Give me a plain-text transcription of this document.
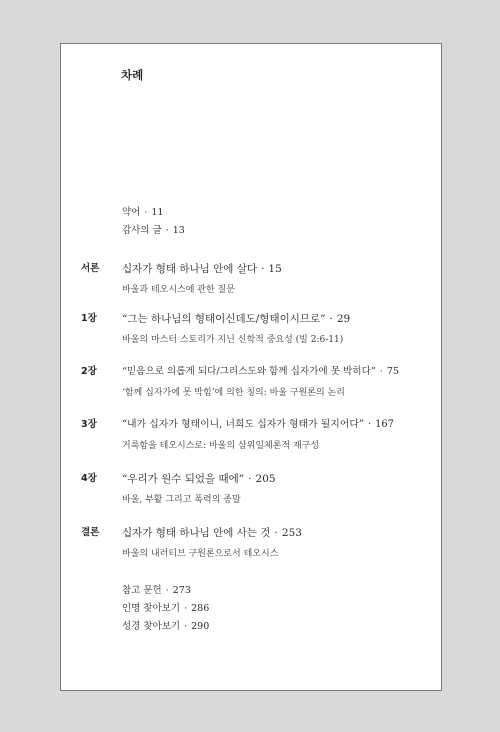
차례
약어 · 11
감사의 글 · 13
서론	십자가 형태 하나님 안에 살다 · 15
바울과 테오시스에 관한 질문
1장	“그는 하나님의 형태이신데도/형태이시므로” · 29
바울의 마스터 스토리가 지닌 신학적 중요성 (빌 2:6-11)
2장	“믿음으로 의롭게 되다/그리스도와 함께 십자가에 못 박히다” · 75
‘함께 십자가에 못 박힘’에 의한 칭의: 바울 구원론의 논리
3장	“내가 십자가 형태이니, 너희도 십자가 형태가 될지어다” · 167
거룩함을 테오시스로: 바울의 삼위일체론적 재구성
4장	“우리가 원수 되었을 때에” · 205
바울, 부활 그리고 폭력의 종말
결론	십자가 형태 하나님 안에 사는 것 · 253
바울의 내러티브 구원론으로서 테오시스
참고 문헌 · 273
인명 찾아보기 · 286
성경 찾아보기 · 290
